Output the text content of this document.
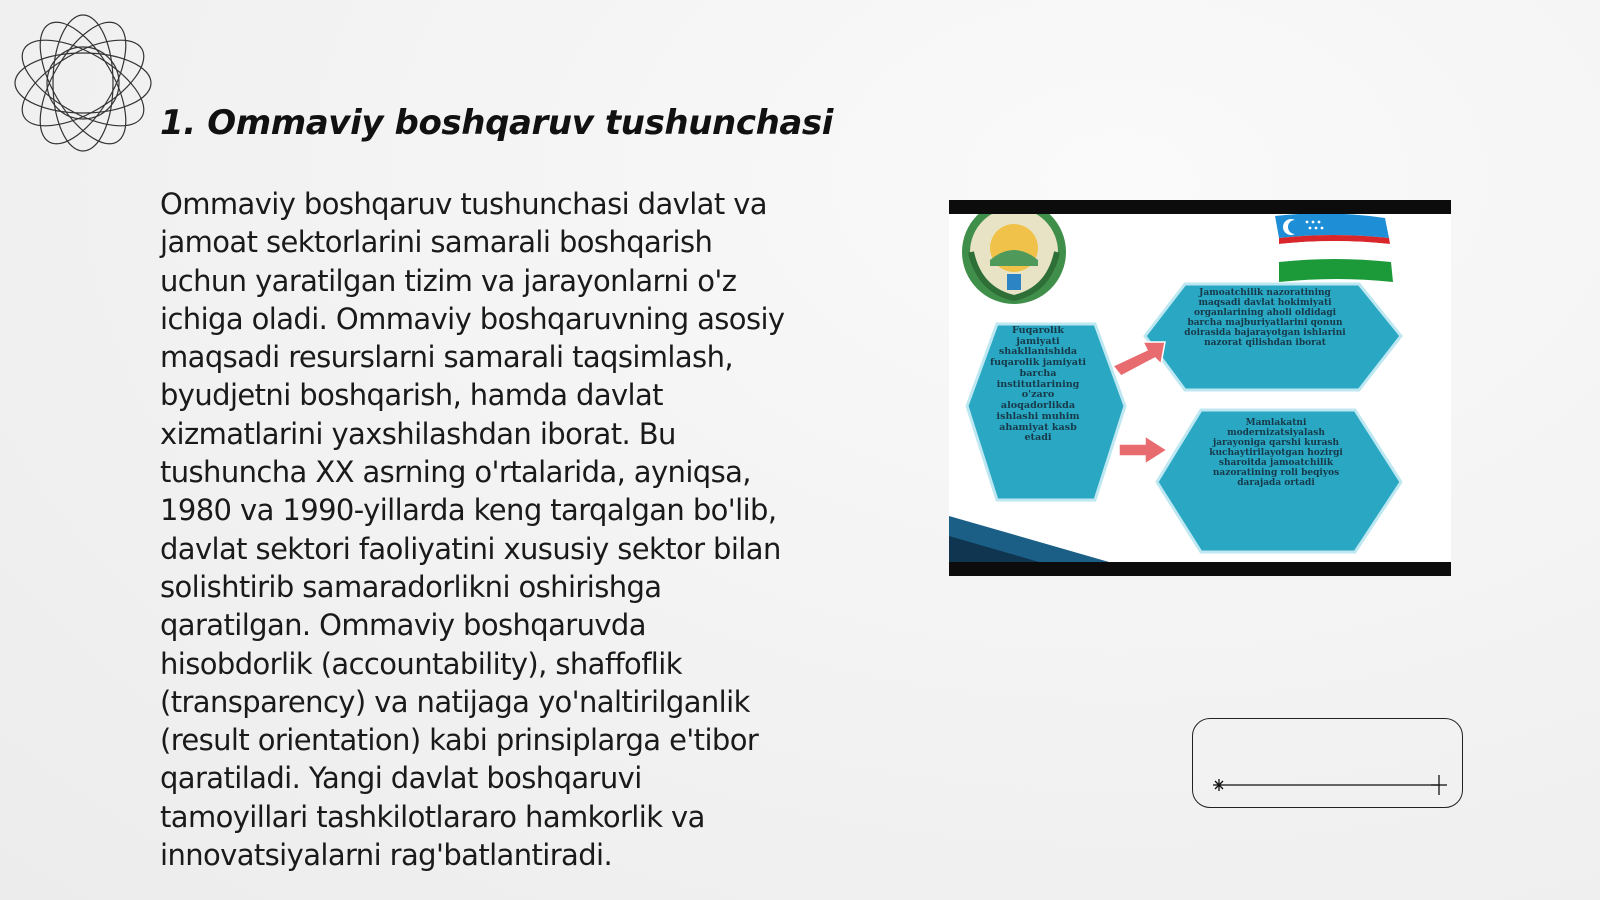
1. Ommaviy boshqaruv tushunchasi
Ommaviy boshqaruv tushunchasi davlat va
jamoat sektorlarini samarali boshqarish
uchun yaratilgan tizim va jarayonlarni o'z
ichiga oladi. Ommaviy boshqaruvning asosiy
maqsadi resurslarni samarali taqsimlash,
byudjetni boshqarish, hamda davlat
xizmatlarini yaxshilashdan iborat. Bu
tushuncha XX asrning o'rtalarida, ayniqsa,
1980 va 1990-yillarda keng tarqalgan bo'lib,
davlat sektori faoliyatini xususiy sektor bilan
solishtirib samaradorlikni oshirishga
qaratilgan. Ommaviy boshqaruvda
hisobdorlik (accountability), shaffoflik
(transparency) va natijaga yo'naltirilganlik
(result orientation) kabi prinsiplarga e'tibor
qaratiladi. Yangi davlat boshqaruvi
tamoyillari tashkilotlararo hamkorlik va
innovatsiyalarni rag'batlantiradi.
Fuqarolik jamiyati shakllanishida fuqarolik jamiyati barcha institutlarining o'zaro aloqadorlikda ishlashi muhim ahamiyat kasb etadi
Jamoatchilik nazoratining maqsadi davlat hokimiyati organlarining aholi oldidagi barcha majburiyatlarini qonun doirasida bajarayotgan ishlarini nazorat qilishdan iborat
Mamlakatni modernizatsiyalash jarayoniga qarshi kurash kuchaytirilayotgan hozirgi sharoitda jamoatchilik nazoratining roli beqiyos darajada ortadi
